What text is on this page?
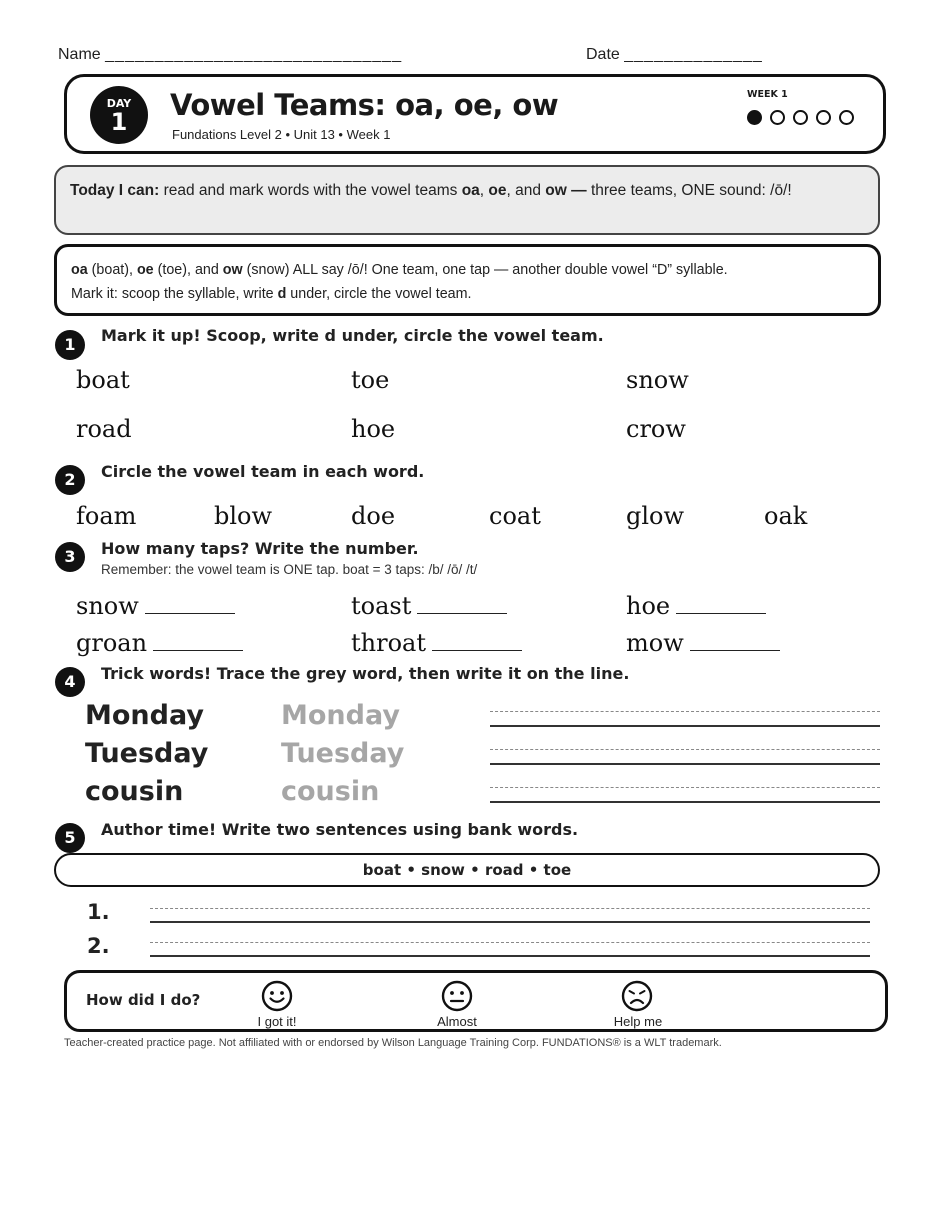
Name ______________________________	Date ______________
DAY
1	Vowel Teams: oa, oe, ow
Fundations Level 2 • Unit 13 • Week 1
WEEK 1
Today I can: read and mark words with the vowel teams oa, oe, and ow — three teams, ONE sound: /ō/!
oa (boat), oe (toe), and ow (snow) ALL say /ō/! One team, one tap — another double vowel “D” syllable.
Mark it: scoop the syllable, write d under, circle the vowel team.
1	Mark it up! Scoop, write d under, circle the vowel team.
boat	toe	snow
road	hoe	crow
2	Circle the vowel team in each word.
foam	blow	doe	coat	glow	oak
3	How many taps? Write the number.
Remember: the vowel team is ONE tap. boat = 3 taps: /b/ /ō/ /t/
snow	toast	hoe
groan	throat	mow
4	Trick words! Trace the grey word, then write it on the line.
Monday	Monday
Tuesday	Tuesday
cousin	cousin
5	Author time! Write two sentences using bank words.
boat • snow • road • toe
1.
2.
How did I do?
I got it!	Almost	Help me
Teacher-created practice page. Not affiliated with or endorsed by Wilson Language Training Corp. FUNDATIONS® is a WLT trademark.
